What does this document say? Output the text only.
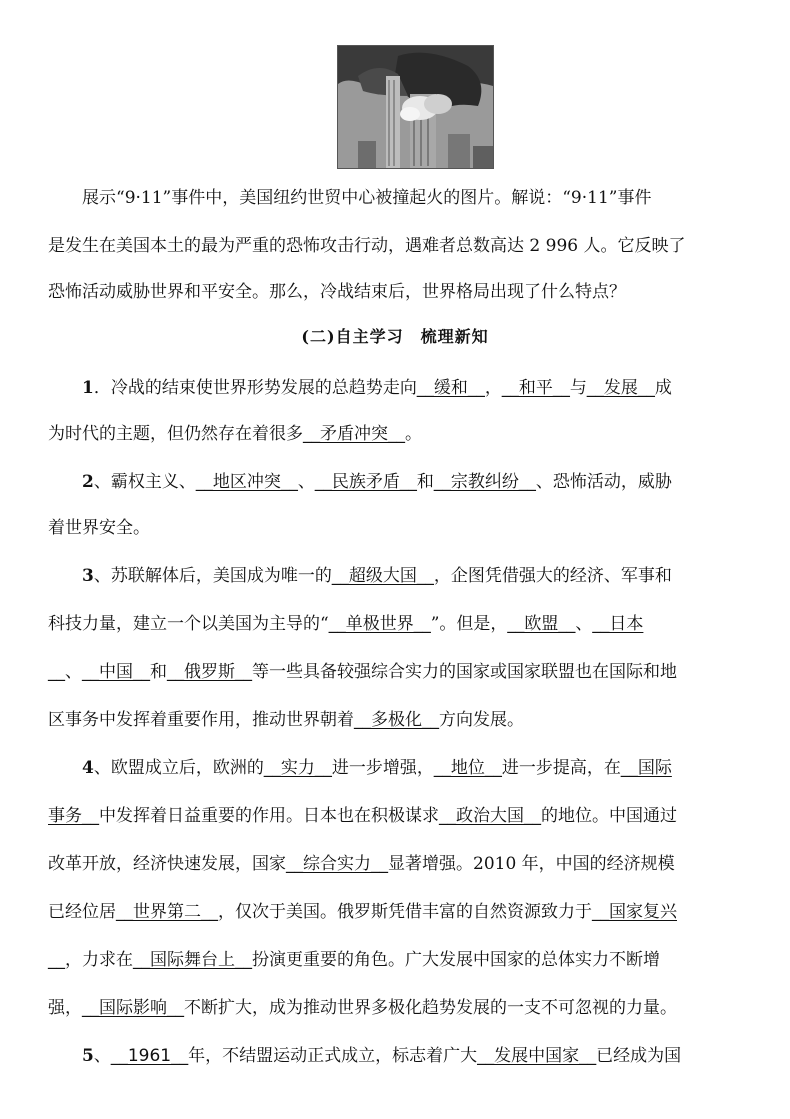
展示“9·11”事件中，美国纽约世贸中心被撞起火的图片。解说：“9·11”事件
是发生在美国本土的最为严重的恐怖攻击行动，遇难者总数高达 2 996 人。它反映了
恐怖活动威胁世界和平安全。那么，冷战结束后，世界格局出现了什么特点？
(二)自主学习　梳理新知
1．冷战的结束使世界形势发展的总趋势走向__缓和__，__和平__与__发展__成
为时代的主题，但仍然存在着很多__矛盾冲突__。
2、霸权主义、__地区冲突__、__民族矛盾__和__宗教纠纷__、恐怖活动，威胁
着世界安全。
3、苏联解体后，美国成为唯一的__超级大国__，企图凭借强大的经济、军事和
科技力量，建立一个以美国为主导的“__单极世界__”。但是，__欧盟__、__日本
__、__中国__和__俄罗斯__等一些具备较强综合实力的国家或国家联盟也在国际和地
区事务中发挥着重要作用，推动世界朝着__多极化__方向发展。
4、欧盟成立后，欧洲的__实力__进一步增强，__地位__进一步提高，在__国际
事务__中发挥着日益重要的作用。日本也在积极谋求__政治大国__的地位。中国通过
改革开放，经济快速发展，国家__综合实力__显著增强。2010 年，中国的经济规模
已经位居__世界第二__，仅次于美国。俄罗斯凭借丰富的自然资源致力于__国家复兴
__，力求在__国际舞台上__扮演更重要的角色。广大发展中国家的总体实力不断增
强，__国际影响__不断扩大，成为推动世界多极化趋势发展的一支不可忽视的力量。
5、__1961__年，不结盟运动正式成立，标志着广大__发展中国家__已经成为国
